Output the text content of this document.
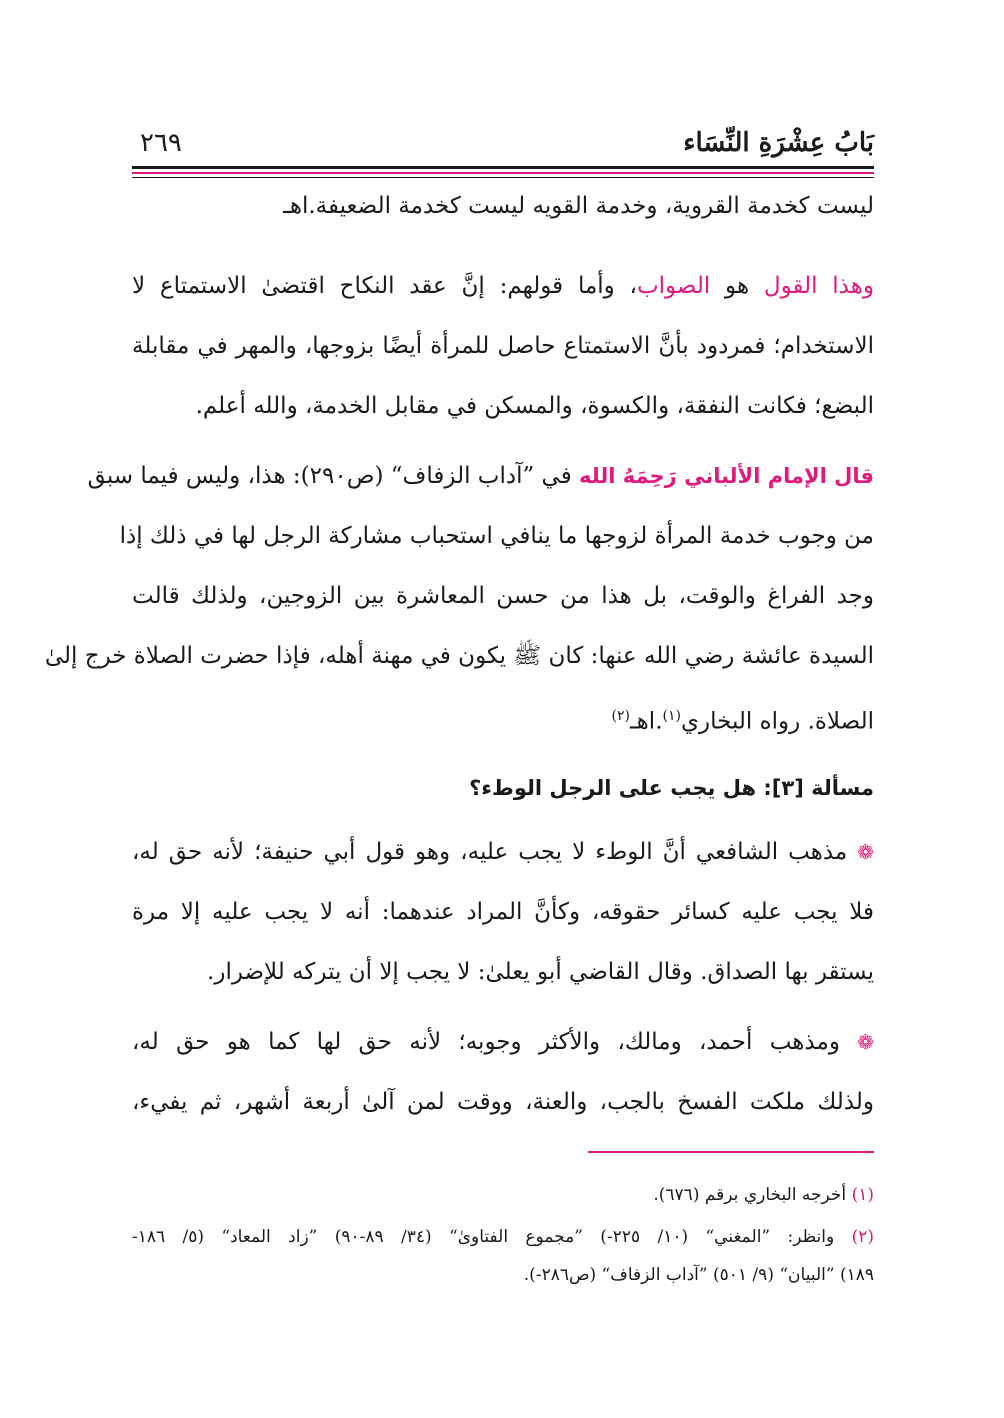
بَابُ عِشْرَةِ النِّسَاء
٢٦٩
ليست كخدمة القروية، وخدمة القويه ليست كخدمة الضعيفة.اهـ
وهذا القول هو الصواب، وأما قولهم: إنَّ عقد النكاح اقتضىٰ الاستمتاع لا
الاستخدام؛ فمردود بأنَّ الاستمتاع حاصل للمرأة أيضًا بزوجها، والمهر في مقابلة
البضع؛ فكانت النفقة، والكسوة، والمسكن في مقابل الخدمة، والله أعلم.
قال الإمام الألباني رَحِمَهُ الله في ”آداب الزفاف“ (ص٢٩٠): هذا، وليس فيما سبق
من وجوب خدمة المرأة لزوجها ما ينافي استحباب مشاركة الرجل لها في ذلك إذا
وجد الفراغ والوقت، بل هذا من حسن المعاشرة بين الزوجين، ولذلك قالت
السيدة عائشة رضي الله عنها: كان ﷺ يكون في مهنة أهله، فإذا حضرت الصلاة خرج إلىٰ
الصلاة. رواه البخاري$^{(١)}$.اهـ$^{(٢)}$
مسألة [٣]: هل يجب على الرجل الوطء؟
❁ مذهب الشافعي أنَّ الوطء لا يجب عليه، وهو قول أبي حنيفة؛ لأنه حق له،
فلا يجب عليه كسائر حقوقه، وكأنَّ المراد عندهما: أنه لا يجب عليه إلا مرة
يستقر بها الصداق. وقال القاضي أبو يعلىٰ: لا يجب إلا أن يتركه للإضرار.
❁ ومذهب أحمد، ومالك، والأكثر وجوبه؛ لأنه حق لها كما هو حق له،
ولذلك ملكت الفسخ بالجب، والعنة، ووقت لمن آلىٰ أربعة أشهر، ثم يفيء،
(١) أخرجه البخاري برقم (٦٧٦).
(٢) وانظر: ”المغني“ (١٠/ ٢٢٥-) ”مجموع الفتاوىٰ“ (٣٤/ ٨٩-٩٠) ”زاد المعاد“ (٥/ ١٨٦-
١٨٩) ”البيان“ (٩/ ٥٠١) ”آداب الزفاف“ (ص٢٨٦-).
